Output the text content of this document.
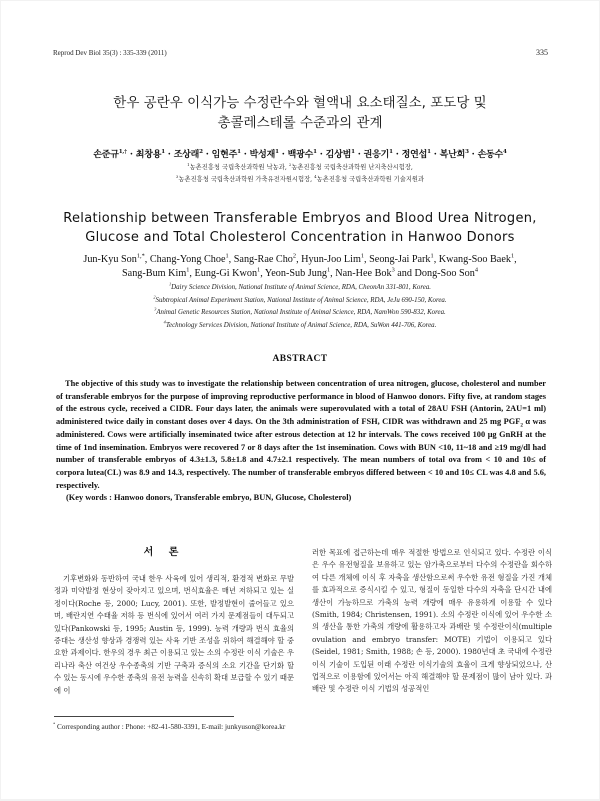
Reprod Dev Biol 35(3) : 335-339 (2011)	335
한우 공란우 이식가능 수정란수와 혈액내 요소태질소, 포도당 및
총콜레스테롤 수준과의 관계
손준규$^{1,\dagger}$ · 최창용$^1$ · 조상래$^2$ · 임현주$^1$ · 박성재$^1$ · 백광수$^1$ · 김상범$^1$ · 권응기$^1$ · 정연섭$^1$ · 복난희$^3$ · 손동수$^4$
$^1$농촌진흥청 국립축산과학원 낙농과, $^2$농촌진흥청 국립축산과학원 난지축산시험장,
$^3$농촌진흥청 국립축산과학원 가축유전자원시험장, $^4$농촌진흥청 국립축산과학원 기술지원과
Relationship between Transferable Embryos and Blood Urea Nitrogen,
Glucose and Total Cholesterol Concentration in Hanwoo Donors
Jun-Kyu Son$^{1,*}$, Chang-Yong Choe$^1$, Sang-Rae Cho$^2$, Hyun-Joo Lim$^1$, Seong-Jai Park$^1$, Kwang-Soo Baek$^1$,
Sang-Bum Kim$^1$, Eung-Gi Kwon$^1$, Yeon-Sub Jung$^1$, Nan-Hee Bok$^3$ and Dong-Soo Son$^4$
$^1$Dairy Science Division, National Institute of Animal Science, RDA, CheonAn 331-801, Korea.
$^2$Subtropical Animal Experiment Station, National Institute of Animal Science, RDA, JeJu 690-150, Korea.
$^3$Animal Genetic Resources Station, National Institute of Animal Science, RDA, NamWon 590-832, Korea.
$^4$Technology Services Division, National Institute of Animal Science, RDA, SuWon 441-706, Korea.
ABSTRACT

The objective of this study was to investigate the relationship between concentration of urea nitrogen, glucose, cholesterol and number of transferable embryos for the purpose of improving reproductive performance in blood of Hanwoo donors. Fifty five, at random stages of the estrous cycle, received a CIDR. Four days later, the animals were superovulated with a total of 28AU FSH (Antorin, 2AU=1 ml) administered twice daily in constant doses over 4 days. On the 3th administration of FSH, CIDR was withdrawn and 25 mg $PGF_2$ α was administered. Cows were artificially inseminated twice after estrous detection at 12 hr intervals. The cows received 100 μg GnRH at the time of 1nd insemination. Embryos were recovered 7 or 8 days after the 1st insemination. Cows with BUN <10, 11~18 and ≥19 mg/dl had number of transferable embryos of 4.3±1.3, 5.8±1.8 and 4.7±2.1 respectively. The mean numbers of total ova from < 10 and 10≤ of corpora lutea(CL) was 8.9 and 14.3, respectively. The number of transferable embryos differed between < 10 and 10≤ CL was 4.8 and 5.6, respectively.

(Key words : Hanwoo donors, Transferable embryo, BUN, Glucose, Cholesterol)

서 론

기후변화와 동반하여 국내 한우 사육에 있어 생리적, 환경적 변화로 무발정과 미약발정 현상이 잦아지고 있으며, 번식효율은 매년 저하되고 있는 실정이다(Roche 등, 2000; Lucy, 2001). 또한, 발정발현이 줄어들고 있으며, 배란지연 수태율 저하 등 번식에 있어서 여러 가지 문제점들이 대두되고 있다(Pankowski 등, 1995; Austin 등, 1999). 능력 개량과 번식 효율의 증대는 생산성 향상과 경쟁력 있는 사육 기반 조성을 위하여 해결해야 할 중요한 과제이다. 한우의 경우 최근 이용되고 있는 소의 수정란 이식 기술은 우리나라 축산 여건상 우수종축의 기반 구축과 증식의 소요 기간을 단기화 할 수 있는 동시에 우수한 종축의 유전 능력을 신속히 확대 보급할 수 있기 때문에 이

러한 목표에 접근하는데 매우 적절한 방법으로 인식되고 있다. 수정란 이식은 우수 유전형질을 보유하고 있는 암가축으로부터 다수의 수정란을 회수하여 다른 개체에 이식 후 자축을 생산함으로써 우수한 유전 형질을 가진 개체를 효과적으로 증식시킬 수 있고, 형질이 동일한 다수의 자축을 단시간 내에 생산이 가능하므로 가축의 능력 개량에 매우 유용하게 이용할 수 있다(Smith, 1984; Christensen, 1991). 소의 수정란 이식에 있어 우수한 소의 생산을 통한 가축의 개량에 활용하고자 과배란 및 수정란이식(multiple ovulation and embryo transfer: MOTE) 기법이 이용되고 있다(Seidel, 1981; Smith, 1988; 손 등, 2000). 1980년대 초 국내에 수정란이식 기술이 도입된 이래 수정란 이식기술의 효율이 크게 향상되었으나, 산업적으로 이용함에 있어서는 아직 해결해야 할 문제점이 많이 남아 있다. 과배란 및 수정란 이식 기법의 성공적인

* Corresponding author : Phone: +82-41-580-3391, E-mail: junkyuson@korea.kr
